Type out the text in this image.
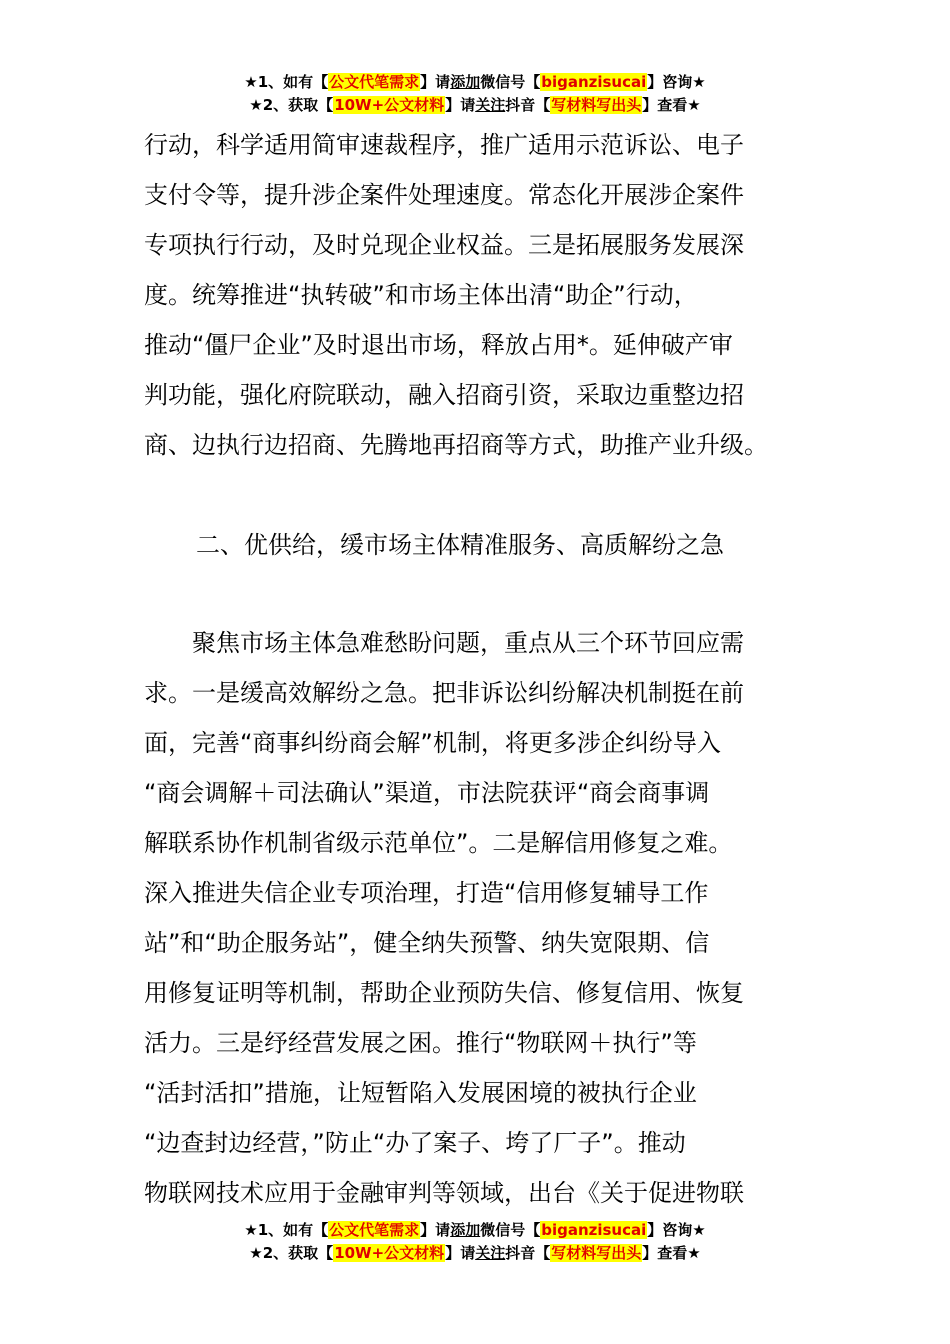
★1、如有【公文代笔需求】请添加微信号【biganzisucai】咨询★
★2、获取【10W+公文材料】请关注抖音【写材料写出头】查看★
行动，科学适用简审速裁程序，推广适用示范诉讼、电子
支付令等，提升涉企案件处理速度。常态化开展涉企案件
专项执行行动，及时兑现企业权益。三是拓展服务发展深
度。统筹推进“执转破”和市场主体出清“助企”行动，
推动“僵尸企业”及时退出市场，释放占用*。延伸破产审
判功能，强化府院联动，融入招商引资，采取边重整边招
商、边执行边招商、先腾地再招商等方式，助推产业升级。
二、优供给，缓市场主体精准服务、高质解纷之急
　　聚焦市场主体急难愁盼问题，重点从三个环节回应需
求。一是缓高效解纷之急。把非诉讼纠纷解决机制挺在前
面，完善“商事纠纷商会解”机制，将更多涉企纠纷导入
“商会调解＋司法确认”渠道，市法院获评“商会商事调
解联系协作机制省级示范单位”。二是解信用修复之难。
深入推进失信企业专项治理，打造“信用修复辅导工作
站”和“助企服务站”，健全纳失预警、纳失宽限期、信
用修复证明等机制，帮助企业预防失信、修复信用、恢复
活力。三是纾经营发展之困。推行“物联网＋执行”等
“活封活扣”措施，让短暂陷入发展困境的被执行企业
“边查封边经营，”防止“办了案子、垮了厂子”。推动
物联网技术应用于金融审判等领域，出台《关于促进物联
★1、如有【公文代笔需求】请添加微信号【biganzisucai】咨询★
★2、获取【10W+公文材料】请关注抖音【写材料写出头】查看★
